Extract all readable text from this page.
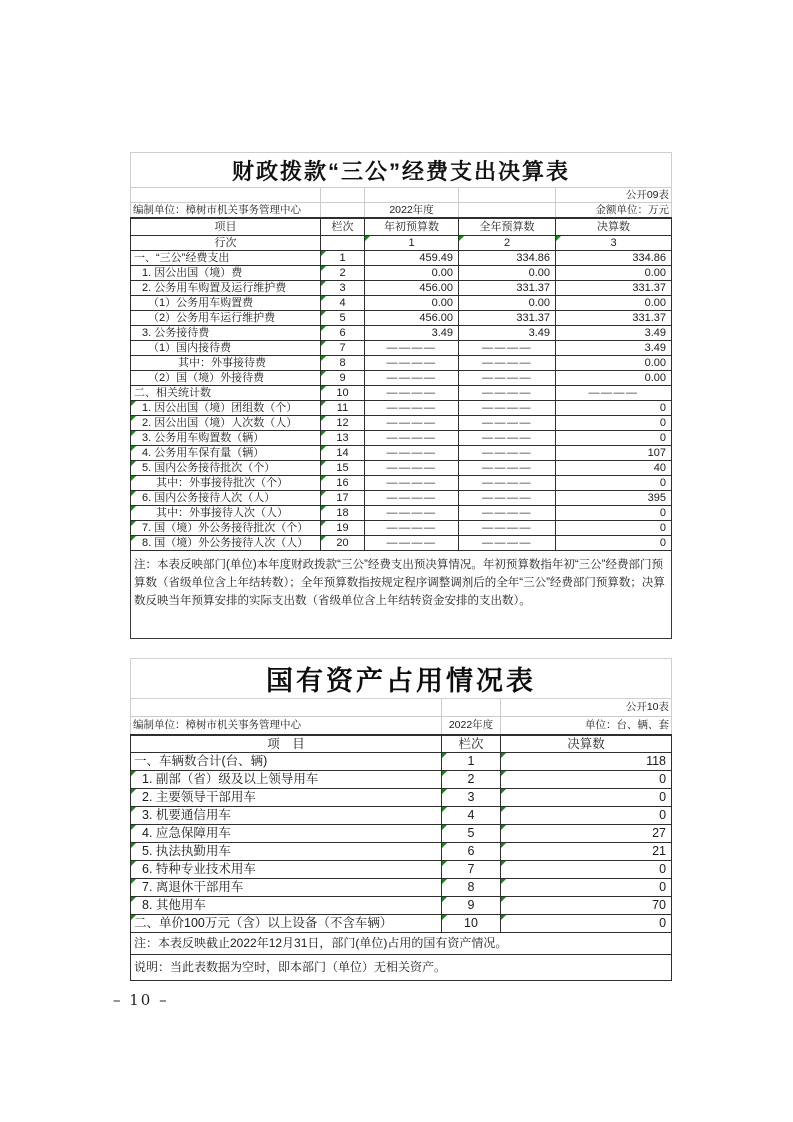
财政拨款“三公”经费支出决算表				
				公开09表
编制单位：樟树市机关事务管理中心		2022年度		金额单位：万元
项目	栏次	年初预算数	全年预算数	决算数
行次		1	2	3
一、“三公”经费支出	1	459.49	334.86	334.86
1. 因公出国（境）费	2	0.00	0.00	0.00
2. 公务用车购置及运行维护费	3	456.00	331.37	331.37
（1）公务用车购置费	4	0.00	0.00	0.00
（2）公务用车运行维护费	5	456.00	331.37	331.37
3. 公务接待费	6	3.49	3.49	3.49
（1）国内接待费	7	————	————	3.49
其中：外事接待费	8	————	————	0.00
（2）国（境）外接待费	9	————	————	0.00
二、相关统计数	10	————	————	————
1. 因公出国（境）团组数（个）	11	————	————	0
2. 因公出国（境）人次数（人）	12	————	————	0
3. 公务用车购置数（辆）	13	————	————	0
4. 公务用车保有量（辆）	14	————	————	107
5. 国内公务接待批次（个）	15	————	————	40
其中：外事接待批次（个）	16	————	————	0
6. 国内公务接待人次（人）	17	————	————	395
其中：外事接待人次（人）	18	————	————	0
7. 国（境）外公务接待批次（个）	19	————	————	0
8. 国（境）外公务接待人次（人）	20	————	————	0
注：本表反映部门(单位)本年度财政拨款“三公”经费支出预决算情况。年初预算数指年初“三公”经费部门预算数（省级单位含上年结转数）；全年预算数指按规定程序调整调剂后的全年“三公”经费部门预算数；决算数反映当年预算安排的实际支出数（省级单位含上年结转资金安排的支出数）。				
国有资产占用情况表		
		公开10表
编制单位：樟树市机关事务管理中心	2022年度	单位：台、辆、套
项　目	栏次	决算数
一、车辆数合计(台、辆)	1	118
1. 副部（省）级及以上领导用车	2	0
2. 主要领导干部用车	3	0
3. 机要通信用车	4	0
4. 应急保障用车	5	27
5. 执法执勤用车	6	21
6. 特种专业技术用车	7	0
7. 离退休干部用车	8	0
8. 其他用车	9	70
二、单价100万元（含）以上设备（不含车辆）	10	0
注：本表反映截止2022年12月31日，部门(单位)占用的国有资产情况。		
说明：当此表数据为空时，即本部门（单位）无相关资产。		
– 10 –
